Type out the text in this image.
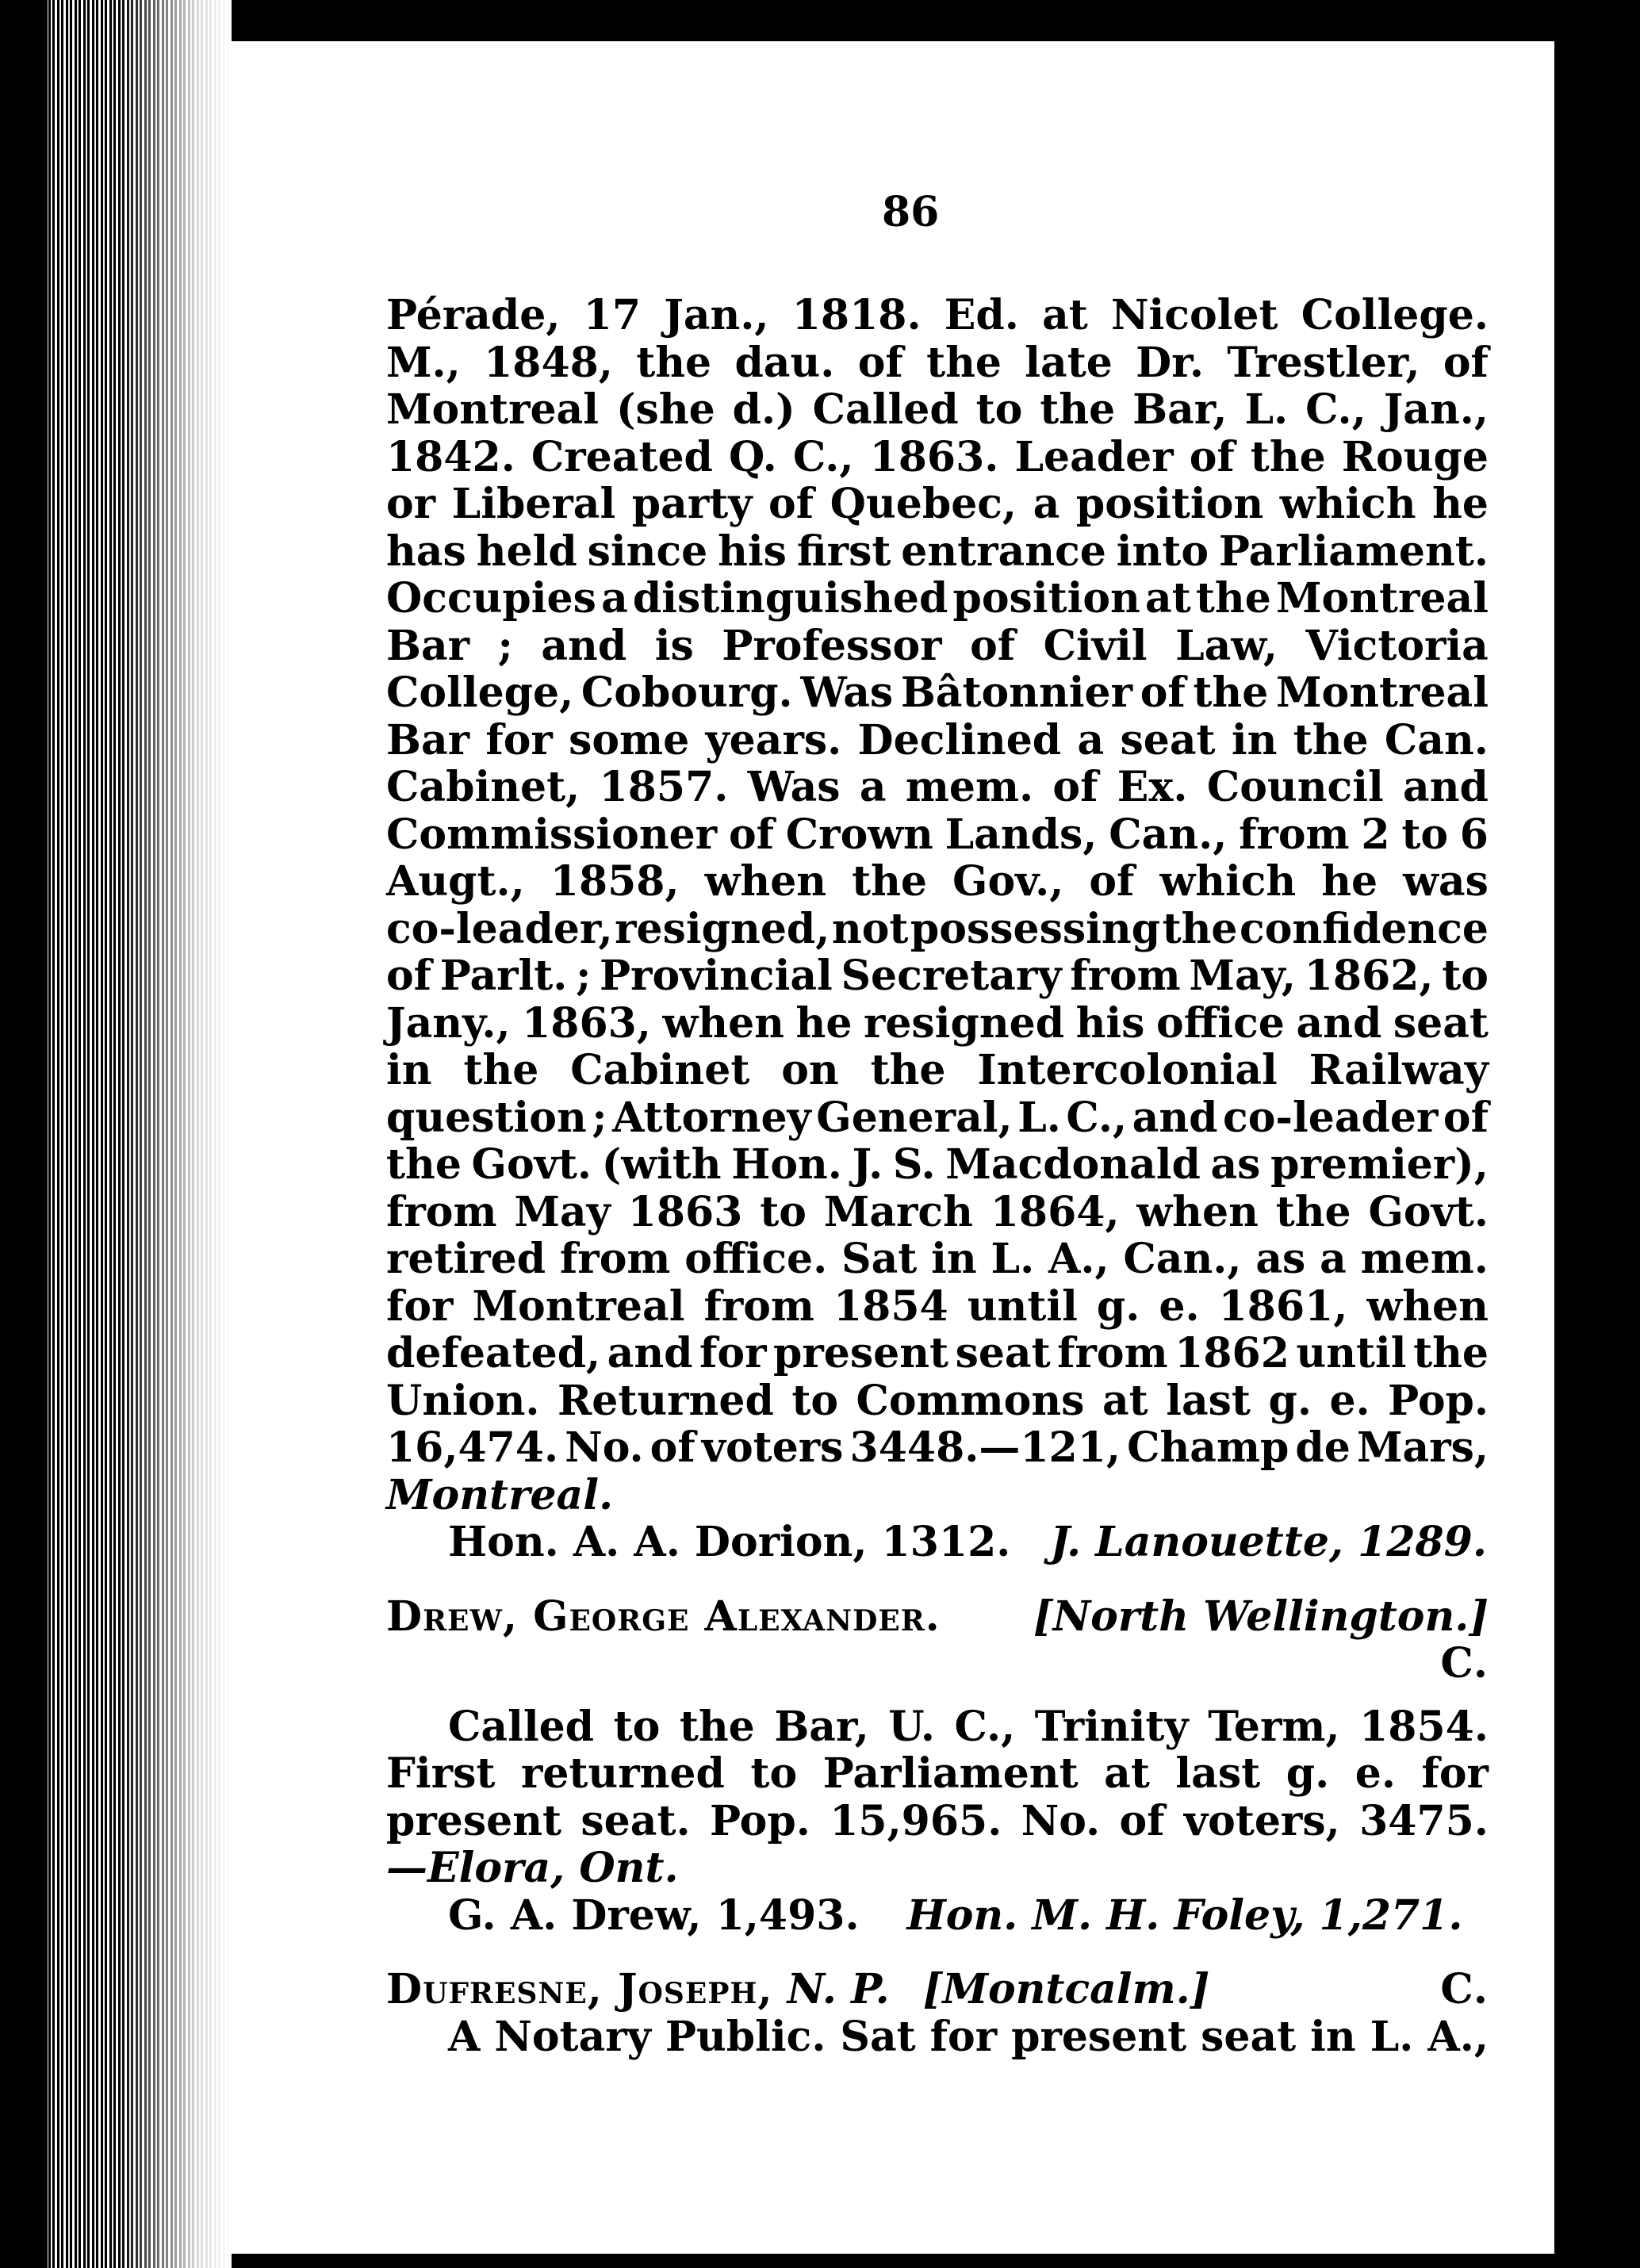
86
Pérade, 17 Jan., 1818. Ed. at Nicolet College.
M., 1848, the dau. of the late Dr. Trestler, of
Montreal (she d.) Called to the Bar, L. C., Jan.,
1842. Created Q. C., 1863. Leader of the Rouge
or Liberal party of Quebec, a position which he
has held since his first entrance into Parliament.
Occupies a distinguished position at the Montreal
Bar ; and is Professor of Civil Law, Victoria
College, Cobourg. Was Bâtonnier of the Montreal
Bar for some years. Declined a seat in the Can.
Cabinet, 1857. Was a mem. of Ex. Council and
Commissioner of Crown Lands, Can., from 2 to 6
Augt., 1858, when the Gov., of which he was
co-leader, resigned, not possessing the confidence
of Parlt. ; Provincial Secretary from May, 1862, to
Jany., 1863, when he resigned his office and seat
in the Cabinet on the Intercolonial Railway
question ; Attorney General, L. C., and co-leader of
the Govt. (with Hon. J. S. Macdonald as premier),
from May 1863 to March 1864, when the Govt.
retired from office. Sat in L. A., Can., as a mem.
for Montreal from 1854 until g. e. 1861, when
defeated, and for present seat from 1862 until the
Union. Returned to Commons at last g. e. Pop.
16,474. No. of voters 3448.—121, Champ de Mars,
Montreal.
Hon. A. A. Dorion, 1312. J. Lanouette, 1289.
Drew, George Alexander. [North Wellington.]
C.
Called to the Bar, U. C., Trinity Term, 1854.
First returned to Parliament at last g. e. for
present seat. Pop. 15,965. No. of voters, 3475.
—Elora, Ont.
G. A. Drew, 1,493. Hon. M. H. Foley, 1,271.
Dufresne, Joseph, N. P. [Montcalm.]	C.
A Notary Public. Sat for present seat in L. A.,
